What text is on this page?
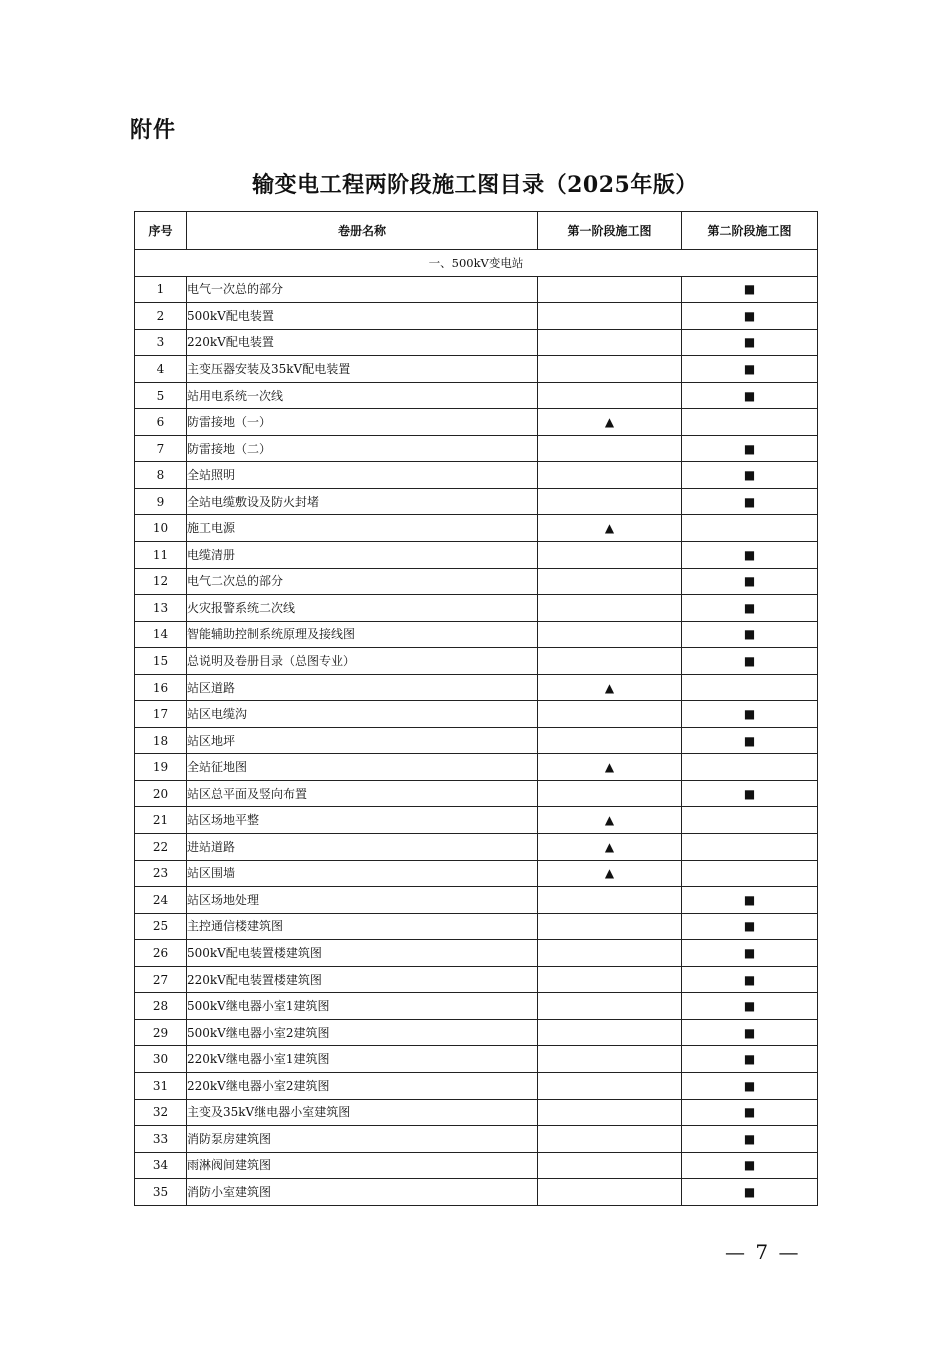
附件
输变电工程两阶段施工图目录（2025年版）
序号	卷册名称	第一阶段施工图	第二阶段施工图
一、500kV变电站			
1	电气一次总的部分		■
2	500kV配电装置		■
3	220kV配电装置		■
4	主变压器安装及35kV配电装置		■
5	站用电系统一次线		■
6	防雷接地（一）	▲	
7	防雷接地（二）		■
8	全站照明		■
9	全站电缆敷设及防火封堵		■
10	施工电源	▲	
11	电缆清册		■
12	电气二次总的部分		■
13	火灾报警系统二次线		■
14	智能辅助控制系统原理及接线图		■
15	总说明及卷册目录（总图专业）		■
16	站区道路	▲	
17	站区电缆沟		■
18	站区地坪		■
19	全站征地图	▲	
20	站区总平面及竖向布置		■
21	站区场地平整	▲	
22	进站道路	▲	
23	站区围墙	▲	
24	站区场地处理		■
25	主控通信楼建筑图		■
26	500kV配电装置楼建筑图		■
27	220kV配电装置楼建筑图		■
28	500kV继电器小室1建筑图		■
29	500kV继电器小室2建筑图		■
30	220kV继电器小室1建筑图		■
31	220kV继电器小室2建筑图		■
32	主变及35kV继电器小室建筑图		■
33	消防泵房建筑图		■
34	雨淋阀间建筑图		■
35	消防小室建筑图		■
— 7 —
